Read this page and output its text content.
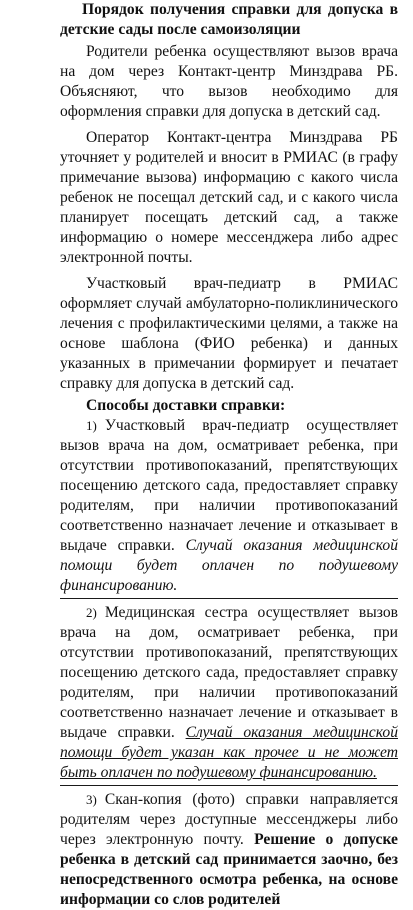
Порядок получения справки для допуска в детские сады после самоизоляции

Родители ребенка осуществляют вызов врача на дом через Контакт-центр Минздрава РБ. Объясняют, что вызов необходимо для оформления справки для допуска в детский сад.

Оператор Контакт-центра Минздрава РБ уточняет у родителей и вносит в РМИАС (в графу примечание вызова) информацию с какого числа ребенок не посещал детский сад, и с какого числа планирует посещать детский сад, а также информацию о номере мессенджера либо адрес электронной почты.

Участковый врач-педиатр в РМИАС оформляет случай амбулаторно-поликлинического лечения с профилактическими целями, а также на основе шаблона (ФИО ребенка) и данных указанных в примечании формирует и печатает справку для допуска в детский сад.

Способы доставки справки:

1) Участковый врач-педиатр осуществляет вызов врача на дом, осматривает ребенка, при отсутствии противопоказаний, препятствующих посещению детского сада, предоставляет справку родителям, при наличии противопоказаний соответственно назначает лечение и отказывает в выдаче справки. Случай оказания медицинской помощи будет оплачен по подушевому финансированию.

2) Медицинская сестра осуществляет вызов врача на дом, осматривает ребенка, при отсутствии противопоказаний, препятствующих посещению детского сада, предоставляет справку родителям, при наличии противопоказаний соответственно назначает лечение и отказывает в выдаче справки. Случай оказания медицинской помощи будет указан как прочее и не может быть оплачен по подушевому финансированию.

3) Скан-копия (фото) справки направляется родителям через доступные мессенджеры либо через электронную почту. Решение о допуске ребенка в детский сад принимается заочно, без непосредственного осмотра ребенка, на основе информации со слов родителей
